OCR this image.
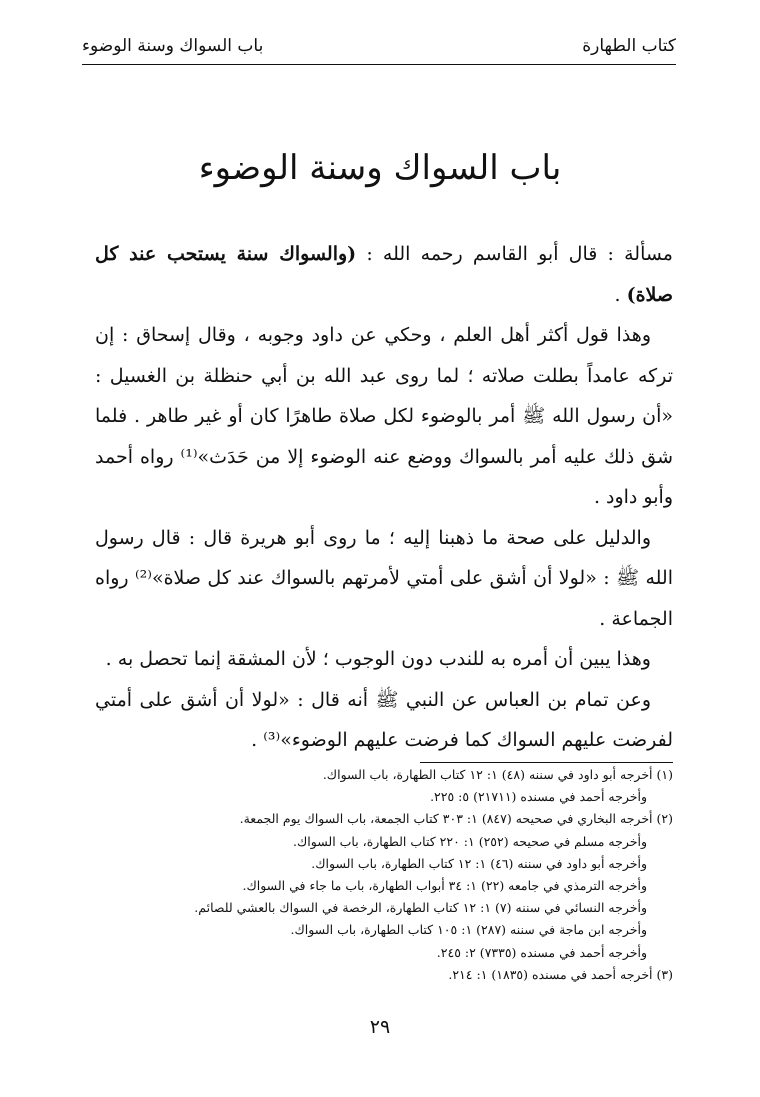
كتاب الطهارة
باب السواك وسنة الوضوء
باب السواك وسنة الوضوء

مسألة : قال أبو القاسم رحمه الله : (والسواك سنة يستحب عند كل صلاة) .

وهذا قول أكثر أهل العلم ، وحكي عن داود وجوبه ، وقال إسحاق : إن تركه عامداً بطلت صلاته ؛ لما روى عبد الله بن أبي حنظلة بن الغسيل : «أن رسول الله ﷺ أمر بالوضوء لكل صلاة طاهرًا كان أو غير طاهر . فلما شق ذلك عليه أمر بالسواك ووضع عنه الوضوء إلا من حَدَث»⁽¹⁾ رواه أحمد وأبو داود .

والدليل على صحة ما ذهبنا إليه ؛ ما روى أبو هريرة قال : قال رسول الله ﷺ : «لولا أن أشق على أمتي لأمرتهم بالسواك عند كل صلاة»⁽²⁾ رواه الجماعة .

وهذا يبين أن أمره به للندب دون الوجوب ؛ لأن المشقة إنما تحصل به .

وعن تمام بن العباس عن النبي ﷺ أنه قال : «لولا أن أشق على أمتي لفرضت عليهم السواك كما فرضت عليهم الوضوء»⁽³⁾ .

(١) أخرجه أبو داود في سننه (٤٨) ١: ١٢ كتاب الطهارة، باب السواك.
وأخرجه أحمد في مسنده (٢١٧١١) ٥: ٢٢٥.
(٢) أخرجه البخاري في صحيحه (٨٤٧) ١: ٣٠٣ كتاب الجمعة، باب السواك يوم الجمعة.
وأخرجه مسلم في صحيحه (٢٥٢) ١: ٢٢٠ كتاب الطهارة، باب السواك.
وأخرجه أبو داود في سننه (٤٦) ١: ١٢ كتاب الطهارة، باب السواك.
وأخرجه الترمذي في جامعه (٢٢) ١: ٣٤ أبواب الطهارة، باب ما جاء في السواك.
وأخرجه النسائي في سننه (٧) ١: ١٢ كتاب الطهارة، الرخصة في السواك بالعشي للصائم.
وأخرجه ابن ماجة في سننه (٢٨٧) ١: ١٠٥ كتاب الطهارة، باب السواك.
وأخرجه أحمد في مسنده (٧٣٣٥) ٢: ٢٤٥.
(٣) أخرجه أحمد في مسنده (١٨٣٥) ١: ٢١٤.
٢٩
